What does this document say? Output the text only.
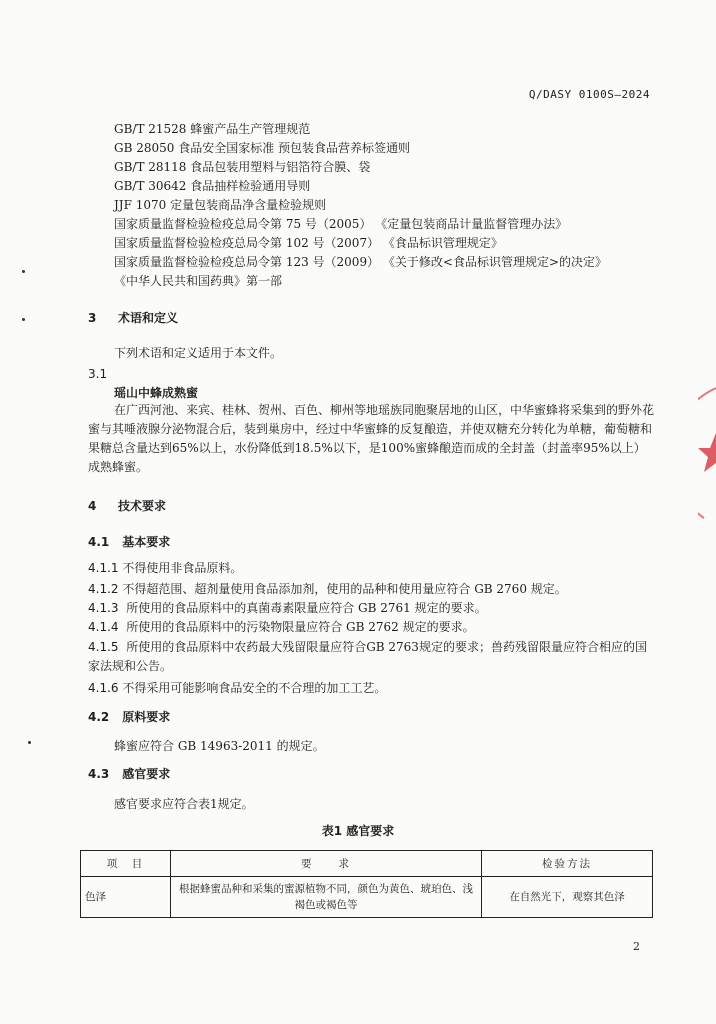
Q/DASY 0100S—2024
GB/T 21528 蜂蜜产品生产管理规范
GB 28050 食品安全国家标准 预包装食品营养标签通则
GB/T 28118 食品包装用塑料与铝箔符合膜、袋
GB/T 30642 食品抽样检验通用导则
JJF 1070 定量包装商品净含量检验规则
国家质量监督检验检疫总局令第 75 号（2005） 《定量包装商品计量监督管理办法》
国家质量监督检验检疫总局令第 102 号（2007） 《食品标识管理规定》
国家质量监督检验检疫总局令第 123 号（2009） 《关于修改<食品标识管理规定>的决定》
《中华人民共和国药典》第一部
3 术语和定义
下列术语和定义适用于本文件。
3.1
瑶山中蜂成熟蜜
在广西河池、来宾、桂林、贺州、百色、柳州等地瑶族同胞聚居地的山区，中华蜜蜂将采集到的野外花蜜与其唾液腺分泌物混合后，装到巢房中，经过中华蜜蜂的反复酿造，并使双糖充分转化为单糖，葡萄糖和果糖总含量达到65%以上，水份降低到18.5%以下，是100%蜜蜂酿造而成的全封盖（封盖率95%以上）成熟蜂蜜。
4 技术要求
4.1 基本要求
4.1.1 不得使用非食品原料。
4.1.2 不得超范围、超剂量使用食品添加剂，使用的品种和使用量应符合 GB 2760 规定。
4.1.3 所使用的食品原料中的真菌毒素限量应符合 GB 2761 规定的要求。
4.1.4 所使用的食品原料中的污染物限量应符合 GB 2762 规定的要求。
4.1.5 所使用的食品原料中农药最大残留限量应符合GB 2763规定的要求；兽药残留限量应符合相应的国家法规和公告。
4.1.6 不得采用可能影响食品安全的不合理的加工工艺。
4.2 原料要求
蜂蜜应符合 GB 14963-2011 的规定。
4.3 感官要求
感官要求应符合表1规定。
表1 感官要求
项　目	要　　求	检验方法
色泽	根据蜂蜜品种和采集的蜜源植物不同，颜色为黄色、琥珀色、浅褐色或褐色等	在自然光下，观察其色泽
2
